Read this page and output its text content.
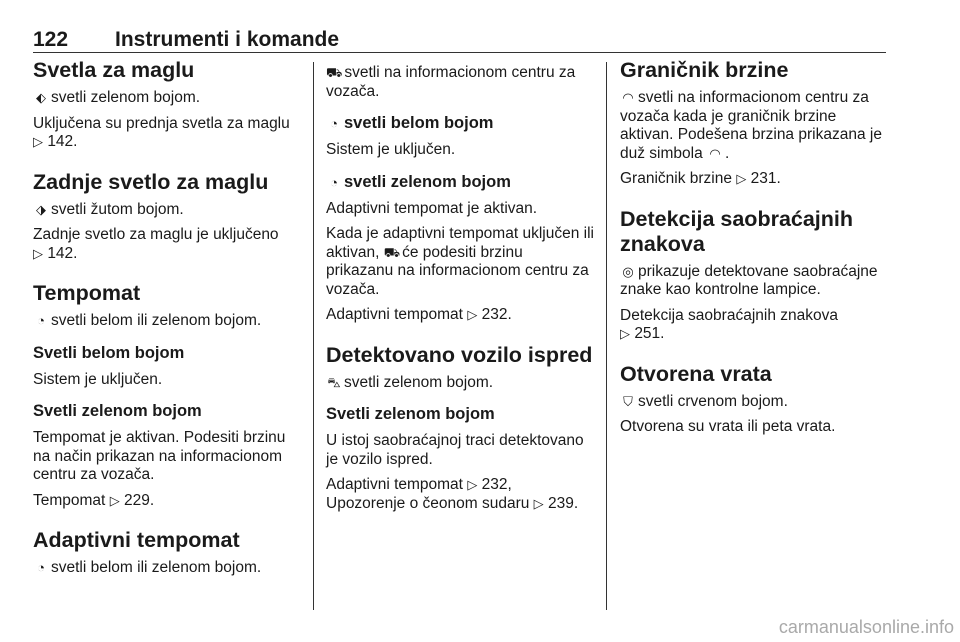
122 Instrumenti i komande
Svetla za maglu

⬖ svetli zelenom bojom.

Uključena su prednja svetla za maglu
▷ 142.

Zadnje svetlo za maglu

⬗ svetli žutom bojom.

Zadnje svetlo za maglu je uključeno
▷ 142.

Tempomat

◔ svetli belom ili zelenom bojom.

Svetli belom bojom

Sistem je uključen.

Svetli zelenom bojom

Tempomat je aktivan. Podesiti brzinu na način prikazan na informacionom centru za vozača.

Tempomat ▷ 229.

Adaptivni tempomat

◔ svetli belom ili zelenom bojom.

⛟ svetli na informacionom centru za vozača.

◔ svetli belom bojom

Sistem je uključen.

◔ svetli zelenom bojom

Adaptivni tempomat je aktivan.

Kada je adaptivni tempomat uključen ili aktivan, ⛟ će podesiti brzinu prikazanu na informacionom centru za vozača.

Adaptivni tempomat ▷ 232.

Detektovano vozilo ispred

⛍ svetli zelenom bojom.

Svetli zelenom bojom

U istoj saobraćajnoj traci detektovano je vozilo ispred.

Adaptivni tempomat ▷ 232,
Upozorenje o čeonom sudaru ▷ 239.

Graničnik brzine

◠ svetli na informacionom centru za vozača kada je graničnik brzine aktivan. Podešena brzina prikazana je duž simbola ◠ .

Graničnik brzine ▷ 231.

Detekcija saobraćajnih znakova

◎ prikazuje detektovane saobraćajne znake kao kontrolne lampice.

Detekcija saobraćajnih znakova
▷ 251.

Otvorena vrata

⛉ svetli crvenom bojom.

Otvorena su vrata ili peta vrata.

carmanualsonline.info
